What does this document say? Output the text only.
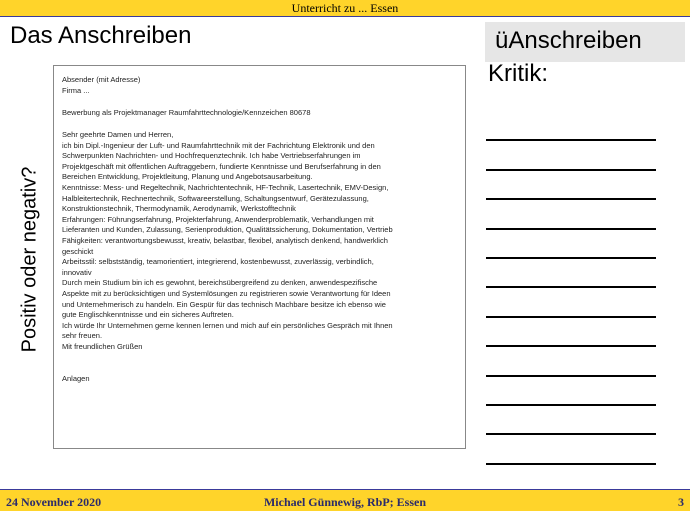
Unterricht zu ... Essen
Das Anschreiben
Positiv oder negativ?
Absender (mit Adresse)
Firma ...
Bewerbung als Projektmanager Raumfahrttechnologie/Kennzeichen 80678
Sehr geehrte Damen und Herren,
ich bin Dipl.-Ingenieur der Luft- und Raumfahrttechnik mit der Fachrichtung Elektronik und den
Schwerpunkten Nachrichten- und Hochfrequenztechnik. Ich habe Vertriebserfahrungen im
Projektgeschäft mit öffentlichen Auftraggebern, fundierte Kenntnisse und Berufserfahrung in den
Bereichen Entwicklung, Projektleitung, Planung und Angebotsausarbeitung.
Kenntnisse: Mess- und Regeltechnik, Nachrichtentechnik, HF-Technik, Lasertechnik, EMV-Design,
Halbleitertechnik, Rechnertechnik, Softwareerstellung, Schaltungsentwurf, Gerätezulassung,
Konstruktionstechnik, Thermodynamik, Aerodynamik, Werkstofftechnik
Erfahrungen: Führungserfahrung, Projekterfahrung, Anwenderproblematik, Verhandlungen mit
Lieferanten und Kunden, Zulassung, Serienproduktion, Qualitätssicherung, Dokumentation, Vertrieb
Fähigkeiten: verantwortungsbewusst, kreativ, belastbar, flexibel, analytisch denkend, handwerklich
geschickt
Arbeitsstil: selbstständig, teamorientiert, integrierend, kostenbewusst, zuverlässig, verbindlich,
innovativ
Durch mein Studium bin ich es gewohnt, bereichsübergreifend zu denken, anwendespezifische
Aspekte mit zu berücksichtigen und Systemlösungen zu registrieren sowie Verantwortung für Ideen
und Unternehmerisch zu handeln. Ein Gespür für das technisch Machbare besitze ich ebenso wie
gute Englischkenntnisse und ein sicheres Auftreten.
Ich würde Ihr Unternehmen gerne kennen lernen und mich auf ein persönliches Gespräch mit Ihnen
sehr freuen.
Mit freundlichen Grüßen

Anlagen
üAnschreiben
Kritik:
24 November 2020	Michael Günnewig, RbP; Essen	3
